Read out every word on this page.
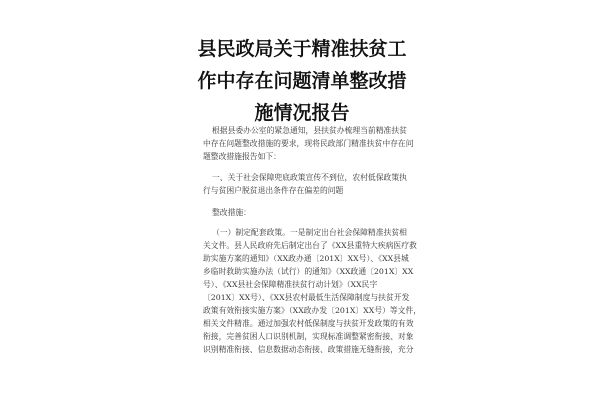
县民政局关于精准扶贫工
作中存在问题清单整改措
施情况报告
根据县委办公室的紧急通知，县扶贫办梳理当前精准扶贫
中存在问题整改措施的要求，现将民政部门精准扶贫中存在问
题整改措施报告如下：
一、关于社会保障兜底政策宣传不到位，农村低保政策执
行与贫困户脱贫退出条件存在偏差的问题
整改措施：
（一）制定配套政策。一是制定出台社会保障精准扶贫相
关文件。县人民政府先后制定出台了《XX县重特大疾病医疗救
助实施方案的通知》（XX政办通〔201X〕XX号）、《XX县城
乡临时救助实施办法（试行）的通知》（XX政通〔201X〕XX
号）、《XX县社会保障精准扶贫行动计划》（XX民字
〔201X〕XX号）、《XX县农村最低生活保障制度与扶贫开发
政策有效衔接实施方案》（XX政办发〔201X〕XX号）等文件，
相关文件精准。通过加强农村低保制度与扶贫开发政策的有效
衔接，完善贫困人口识别机制，实现标准调整紧密衔接、对象
识别精准衔接、信息数据动态衔接、政策措施无缝衔接，充分
